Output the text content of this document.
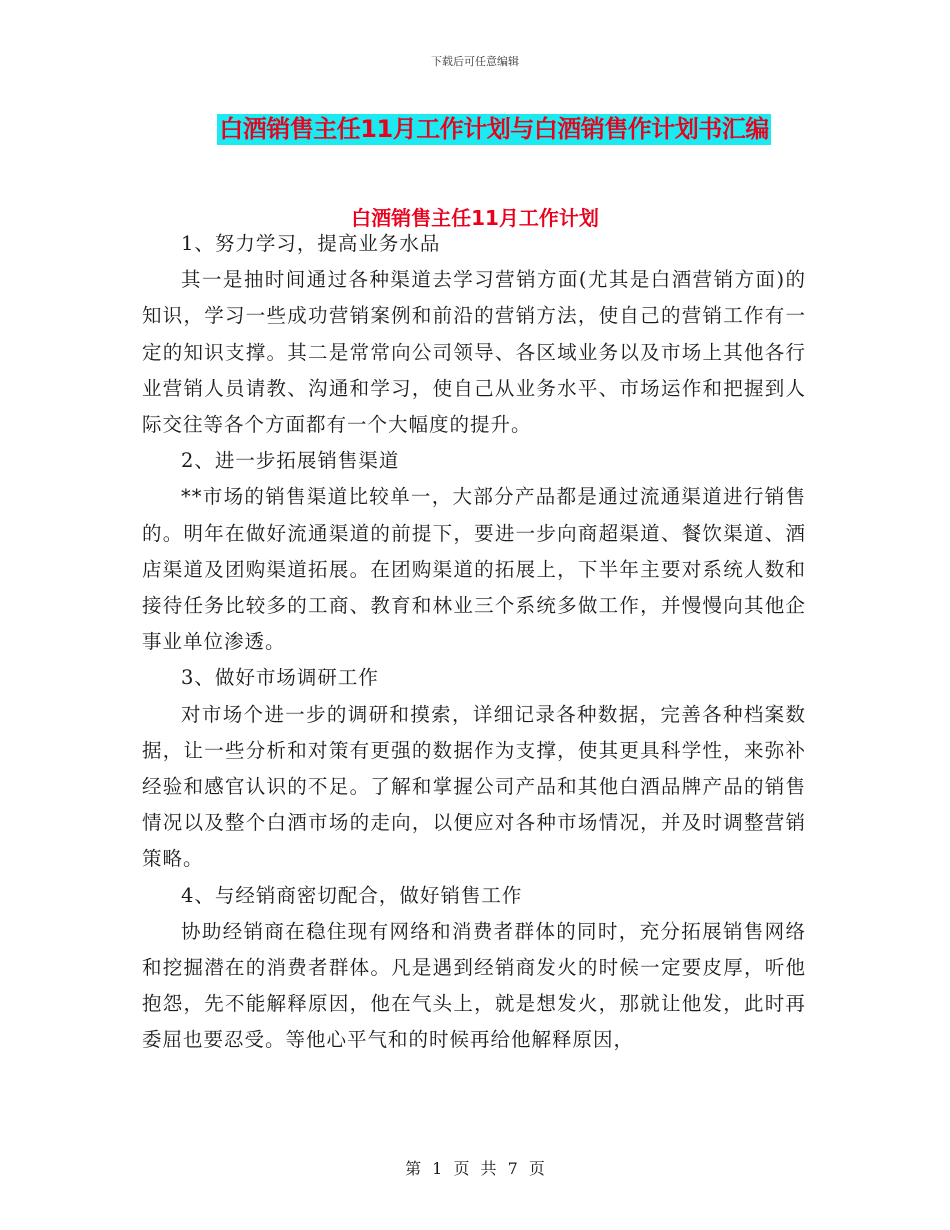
下载后可任意编辑
白酒销售主任11月工作计划与白酒销售作计划书汇编
白酒销售主任11月工作计划

1、努力学习，提高业务水品

其一是抽时间通过各种渠道去学习营销方面(尤其是白酒营销方面)的知识，学习一些成功营销案例和前沿的营销方法，使自己的营销工作有一定的知识支撑。其二是常常向公司领导、各区域业务以及市场上其他各行业营销人员请教、沟通和学习，使自己从业务水平、市场运作和把握到人际交往等各个方面都有一个大幅度的提升。

2、进一步拓展销售渠道

**市场的销售渠道比较单一，大部分产品都是通过流通渠道进行销售的。明年在做好流通渠道的前提下，要进一步向商超渠道、餐饮渠道、酒店渠道及团购渠道拓展。在团购渠道的拓展上，下半年主要对系统人数和接待任务比较多的工商、教育和林业三个系统多做工作，并慢慢向其他企事业单位渗透。

3、做好市场调研工作

对市场个进一步的调研和摸索，详细记录各种数据，完善各种档案数据，让一些分析和对策有更强的数据作为支撑，使其更具科学性，来弥补经验和感官认识的不足。了解和掌握公司产品和其他白酒品牌产品的销售情况以及整个白酒市场的走向，以便应对各种市场情况，并及时调整营销策略。

4、与经销商密切配合，做好销售工作

协助经销商在稳住现有网络和消费者群体的同时，充分拓展销售网络和挖掘潜在的消费者群体。凡是遇到经销商发火的时候一定要皮厚，听他抱怨，先不能解释原因，他在气头上，就是想发火，那就让他发，此时再委屈也要忍受。等他心平气和的时候再给他解释原因，

第 1 页 共 7 页
